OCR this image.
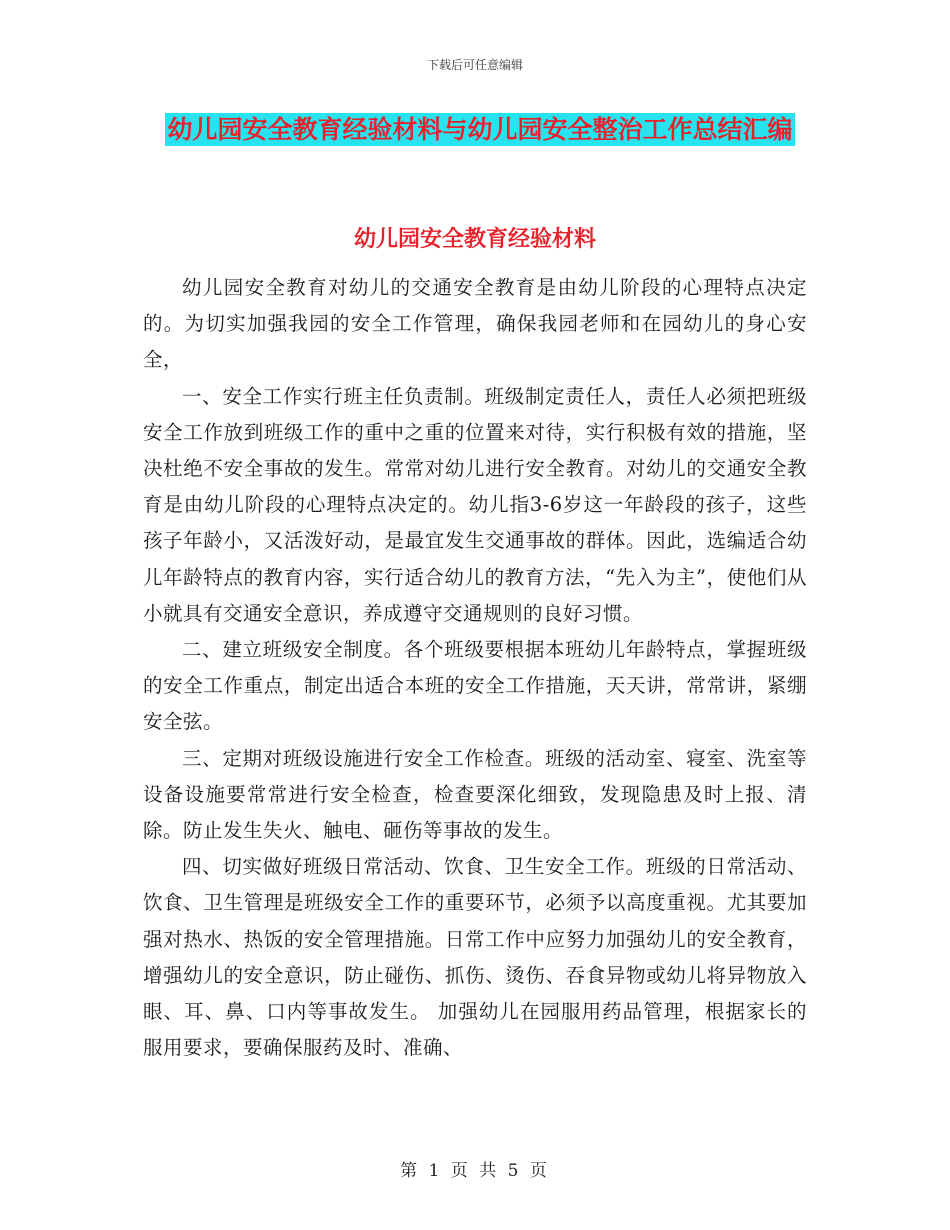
下载后可任意编辑
幼儿园安全教育经验材料与幼儿园安全整治工作总结汇编
幼儿园安全教育经验材料

幼儿园安全教育对幼儿的交通安全教育是由幼儿阶段的心理特点决定的。为切实加强我园的安全工作管理，确保我园老师和在园幼儿的身心安全，

一、安全工作实行班主任负责制。班级制定责任人，责任人必须把班级安全工作放到班级工作的重中之重的位置来对待，实行积极有效的措施，坚决杜绝不安全事故的发生。常常对幼儿进行安全教育。对幼儿的交通安全教育是由幼儿阶段的心理特点决定的。幼儿指3-6岁这一年龄段的孩子，这些孩子年龄小，又活泼好动，是最宜发生交通事故的群体。因此，选编适合幼儿年龄特点的教育内容，实行适合幼儿的教育方法，“先入为主”，使他们从小就具有交通安全意识，养成遵守交通规则的良好习惯。

二、建立班级安全制度。各个班级要根据本班幼儿年龄特点，掌握班级的安全工作重点，制定出适合本班的安全工作措施，天天讲，常常讲，紧绷安全弦。

三、定期对班级设施进行安全工作检查。班级的活动室、寝室、洗室等设备设施要常常进行安全检查，检查要深化细致，发现隐患及时上报、清除。防止发生失火、触电、砸伤等事故的发生。

四、切实做好班级日常活动、饮食、卫生安全工作。班级的日常活动、饮食、卫生管理是班级安全工作的重要环节，必须予以高度重视。尤其要加强对热水、热饭的安全管理措施。日常工作中应努力加强幼儿的安全教育，增强幼儿的安全意识，防止碰伤、抓伤、烫伤、吞食异物或幼儿将异物放入眼、耳、鼻、口内等事故发生。 加强幼儿在园服用药品管理，根据家长的服用要求，要确保服药及时、准确、

第 1 页 共 5 页
